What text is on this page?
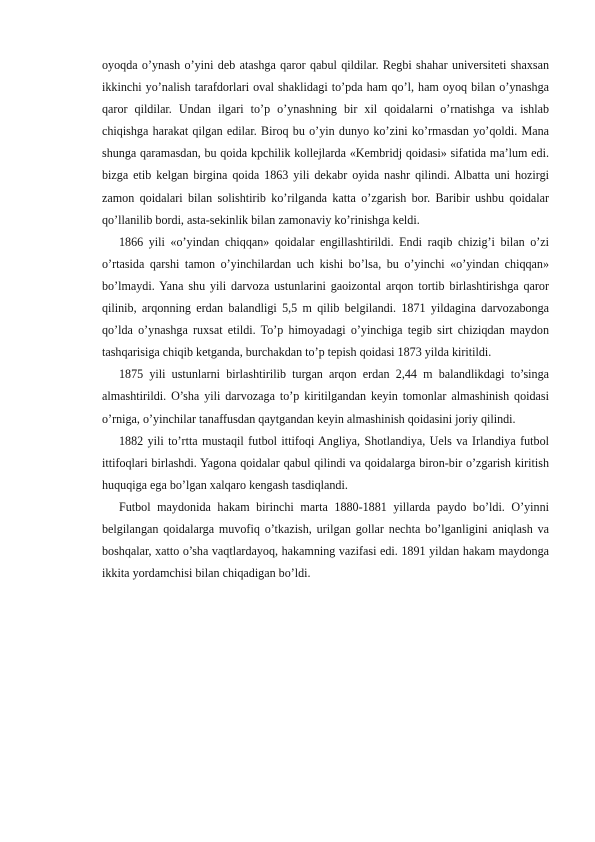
oyoqda o’ynash o’yini deb atashga qaror qabul qildilar. Regbi shahar universiteti shaxsan ikkinchi yo’nalish tarafdorlari oval shaklidagi to’pda ham qo’l, ham oyoq bilan o’ynashga qaror qildilar. Undan ilgari to’p o’ynashning bir xil qoidalarni o’rnatishga va ishlab chiqishga harakat qilgan edilar. Biroq bu o’yin dunyo ko’zini ko’rmasdan yo’qoldi. Mana shunga qaramasdan, bu qoida kpchilik kollejlarda «Kembridj qoidasi» sifatida ma’lum edi. bizga etib kelgan birgina qoida 1863 yili dekabr oyida nashr qilindi. Albatta uni hozirgi zamon qoidalari bilan solishtirib ko’rilganda katta o’zgarish bor. Baribir ushbu qoidalar qo’llanilib bordi, asta-sekinlik bilan zamonaviy ko’rinishga keldi.

1866 yili «o’yindan chiqqan» qoidalar engillashtirildi. Endi raqib chizig’i bilan o’zi o’rtasida qarshi tamon o’yinchilardan uch kishi bo’lsa, bu o’yinchi «o’yindan chiqqan» bo’lmaydi. Yana shu yili darvoza ustunlarini gaoizontal arqon tortib birlashtirishga qaror qilinib, arqonning erdan balandligi 5,5 m qilib belgilandi. 1871 yildagina darvozabonga qo’lda o’ynashga ruxsat etildi. To’p himoyadagi o’yinchiga tegib sirt chiziqdan maydon tashqarisiga chiqib ketganda, burchakdan to’p tepish qoidasi 1873 yilda kiritildi.

1875 yili ustunlarni birlashtirilib turgan arqon erdan 2,44 m balandlikdagi to’singa almashtirildi. O’sha yili darvozaga to’p kiritilgandan keyin tomonlar almashinish qoidasi o’rniga, o’yinchilar tanaffusdan qaytgandan keyin almashinish qoidasini joriy qilindi.

1882 yili to’rtta mustaqil futbol ittifoqi Angliya, Shotlandiya, Uels va Irlandiya futbol ittifoqlari birlashdi. Yagona qoidalar qabul qilindi va qoidalarga biron-bir o’zgarish kiritish huquqiga ega bo’lgan xalqaro kengash tasdiqlandi.

Futbol maydonida hakam birinchi marta 1880-1881 yillarda paydo bo’ldi. O’yinni belgilangan qoidalarga muvofiq o’tkazish, urilgan gollar nechta bo’lganligini aniqlash va boshqalar, xatto o’sha vaqtlardayoq, hakamning vazifasi edi. 1891 yildan hakam maydonga ikkita yordamchisi bilan chiqadigan bo’ldi.
